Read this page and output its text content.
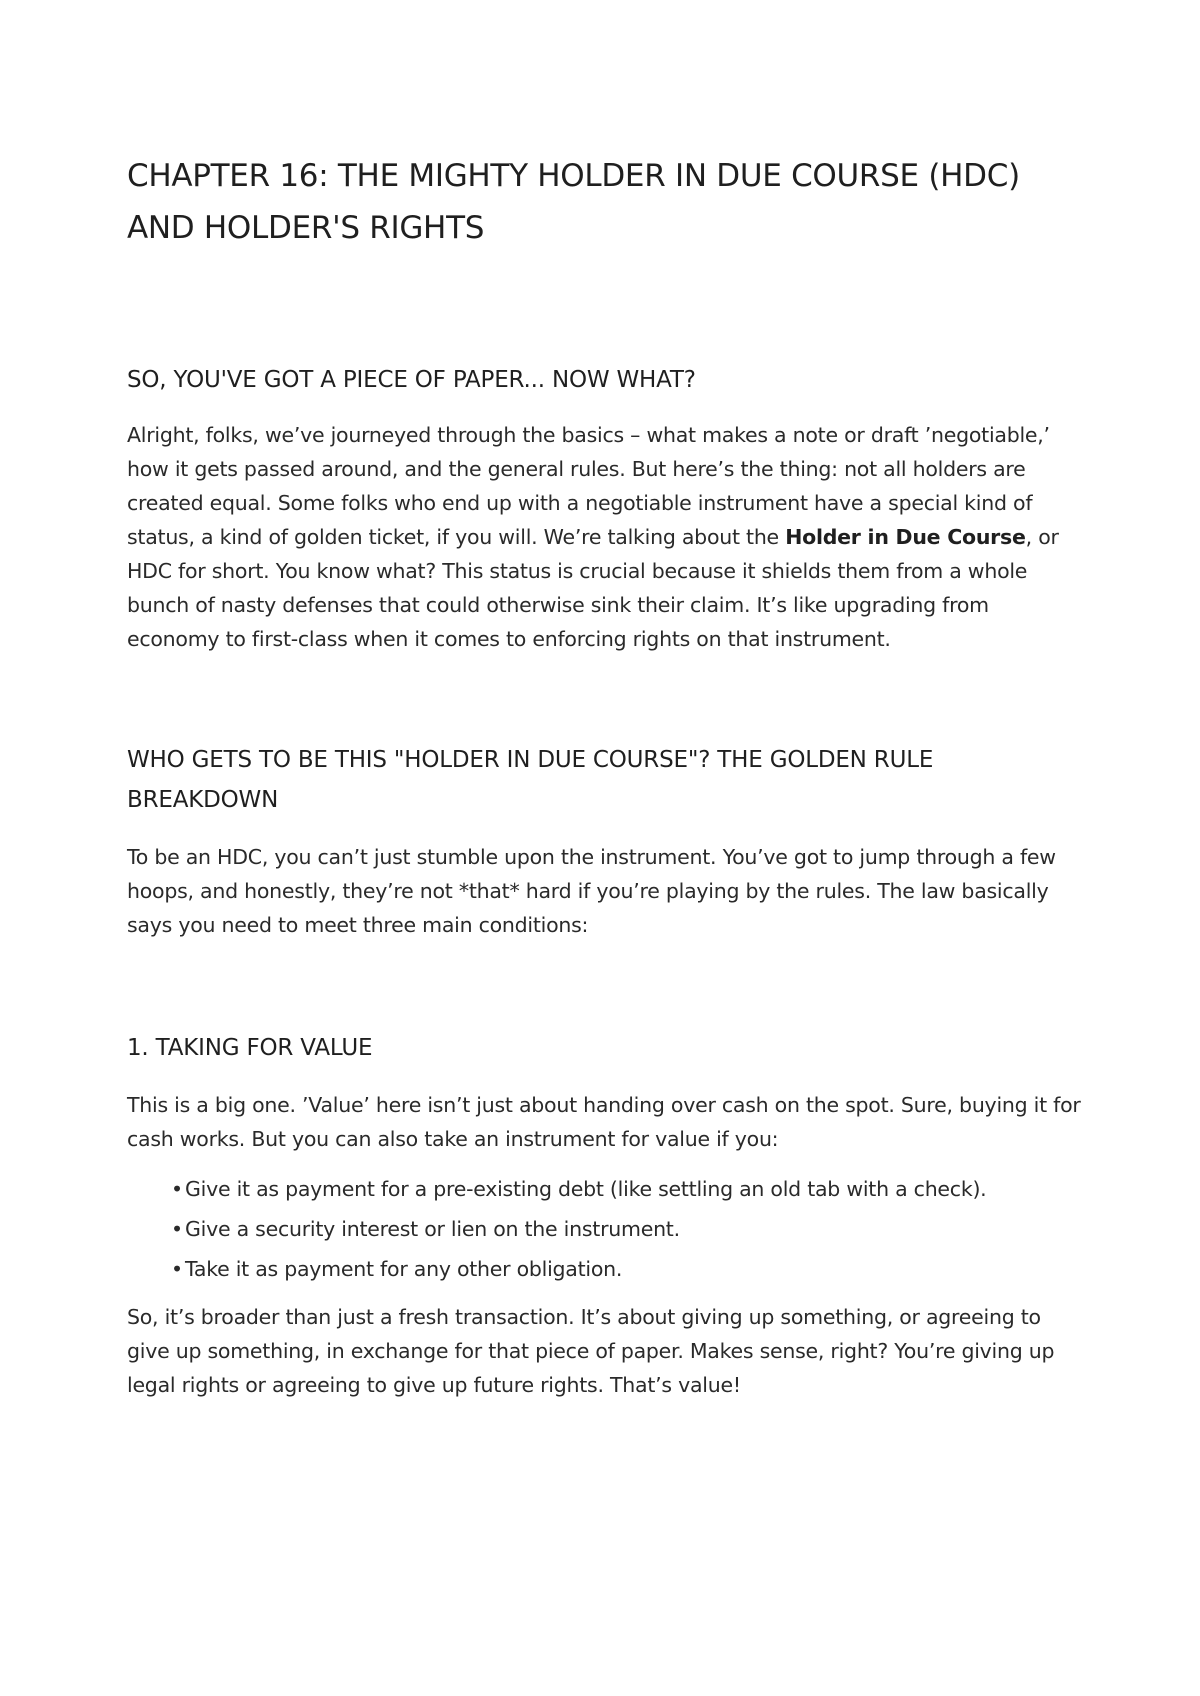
CHAPTER 16: THE MIGHTY HOLDER IN DUE COURSE (HDC) AND HOLDER'S RIGHTS
SO, YOU'VE GOT A PIECE OF PAPER... NOW WHAT?

Alright, folks, we’ve journeyed through the basics – what makes a note or draft ’negotiable,’ how it gets passed around, and the general rules. But here’s the thing: not all holders are created equal. Some folks who end up with a negotiable instrument have a special kind of status, a kind of golden ticket, if you will. We’re talking about the Holder in Due Course, or HDC for short. You know what? This status is crucial because it shields them from a whole bunch of nasty defenses that could otherwise sink their claim. It’s like upgrading from economy to first-class when it comes to enforcing rights on that instrument.

WHO GETS TO BE THIS "HOLDER IN DUE COURSE"? THE GOLDEN RULE BREAKDOWN

To be an HDC, you can’t just stumble upon the instrument. You’ve got to jump through a few hoops, and honestly, they’re not *that* hard if you’re playing by the rules. The law basically says you need to meet three main conditions:

1. TAKING FOR VALUE

This is a big one. ’Value’ here isn’t just about handing over cash on the spot. Sure, buying it for cash works. But you can also take an instrument for value if you:

• Give it as payment for a pre-existing debt (like settling an old tab with a check).
• Give a security interest or lien on the instrument.
• Take it as payment for any other obligation.

So, it’s broader than just a fresh transaction. It’s about giving up something, or agreeing to give up something, in exchange for that piece of paper. Makes sense, right? You’re giving up legal rights or agreeing to give up future rights. That’s value!
